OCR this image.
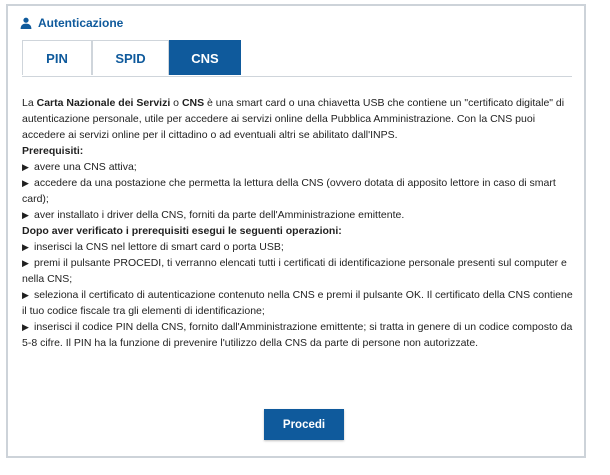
Autenticazione
PIN	SPID	CNS

La Carta Nazionale dei Servizi o CNS è una smart card o una chiavetta USB che contiene un "certificato digitale" di autenticazione personale, utile per accedere ai servizi online della Pubblica Amministrazione. Con la CNS puoi accedere ai servizi online per il cittadino o ad eventuali altri se abilitato dall'INPS.

Prerequisiti:

▶ avere una CNS attiva;
▶ accedere da una postazione che permetta la lettura della CNS (ovvero dotata di apposito lettore in caso di smart card);
▶ aver installato i driver della CNS, forniti da parte dell'Amministrazione emittente.

Dopo aver verificato i prerequisiti esegui le seguenti operazioni:

▶ inserisci la CNS nel lettore di smart card o porta USB;
▶ premi il pulsante PROCEDI, ti verranno elencati tutti i certificati di identificazione personale presenti sul computer e nella CNS;
▶ seleziona il certificato di autenticazione contenuto nella CNS e premi il pulsante OK. Il certificato della CNS contiene il tuo codice fiscale tra gli elementi di identificazione;
▶ inserisci il codice PIN della CNS, fornito dall'Amministrazione emittente; si tratta in genere di un codice composto da 5-8 cifre. Il PIN ha la funzione di prevenire l'utilizzo della CNS da parte di persone non autorizzate.
Procedi
